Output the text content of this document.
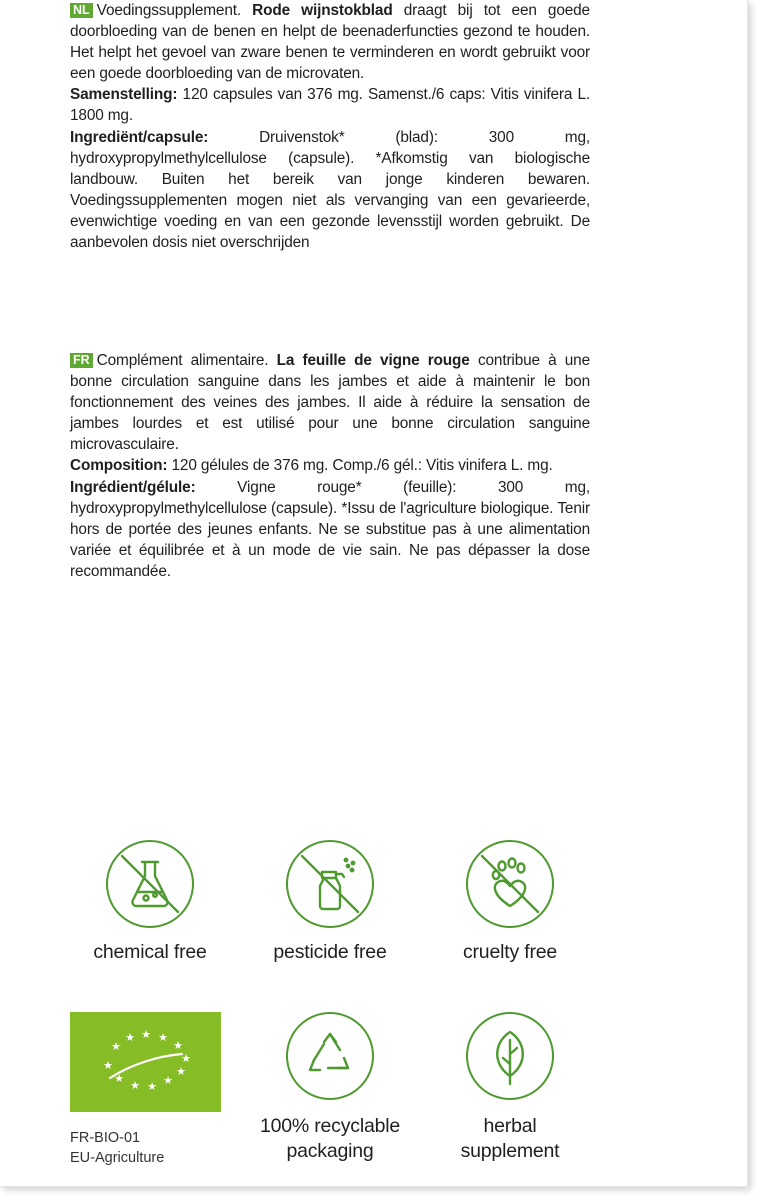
NL Voedingssupplement. Rode wijnstokblad draagt bij tot een goede doorbloeding van de benen en helpt de beenaderfuncties gezond te houden. Het helpt het gevoel van zware benen te verminderen en wordt gebruikt voor een goede doorbloeding van de microvaten.

Samenstelling: 120 capsules van 376 mg. Samenst./6 caps: Vitis vinifera L. 1800 mg.

Ingrediënt/capsule:	Druivenstok* (blad): 300 mg, hydroxypropylmethylcellulose (capsule). *Afkomstig van biologische landbouw. Buiten het bereik van jonge kinderen bewaren. Voedingssupplementen mogen niet als vervanging van een gevarieerde, evenwichtige voeding en van een gezonde levensstijl worden gebruikt. De aanbevolen dosis niet overschrijden

FR Complément alimentaire. La feuille de vigne rouge contribue à une bonne circulation sanguine dans les jambes et aide à maintenir le bon fonctionnement des veines des jambes. Il aide à réduire la sensation de jambes lourdes et est utilisé pour une bonne circulation sanguine microvasculaire.

Composition: 120 gélules de 376 mg. Comp./6 gél.: Vitis vinifera L. mg.

Ingrédient/gélule:	Vigne rouge* (feuille): 300 mg, hydroxypropylmethylcellulose (capsule). *Issu de l'agriculture biologique. Tenir hors de portée des jeunes enfants. Ne se substitue pas à une alimentation variée et équilibrée et à un mode de vie sain. Ne pas dépasser la dose recommandée.

chemical free	pesticide free	cruelty free
★ ★
★
★
★
★
★
★
★
★
★
★
FR-BIO-01
EU-Agriculture
100% recyclable
packaging
herbal
supplement
